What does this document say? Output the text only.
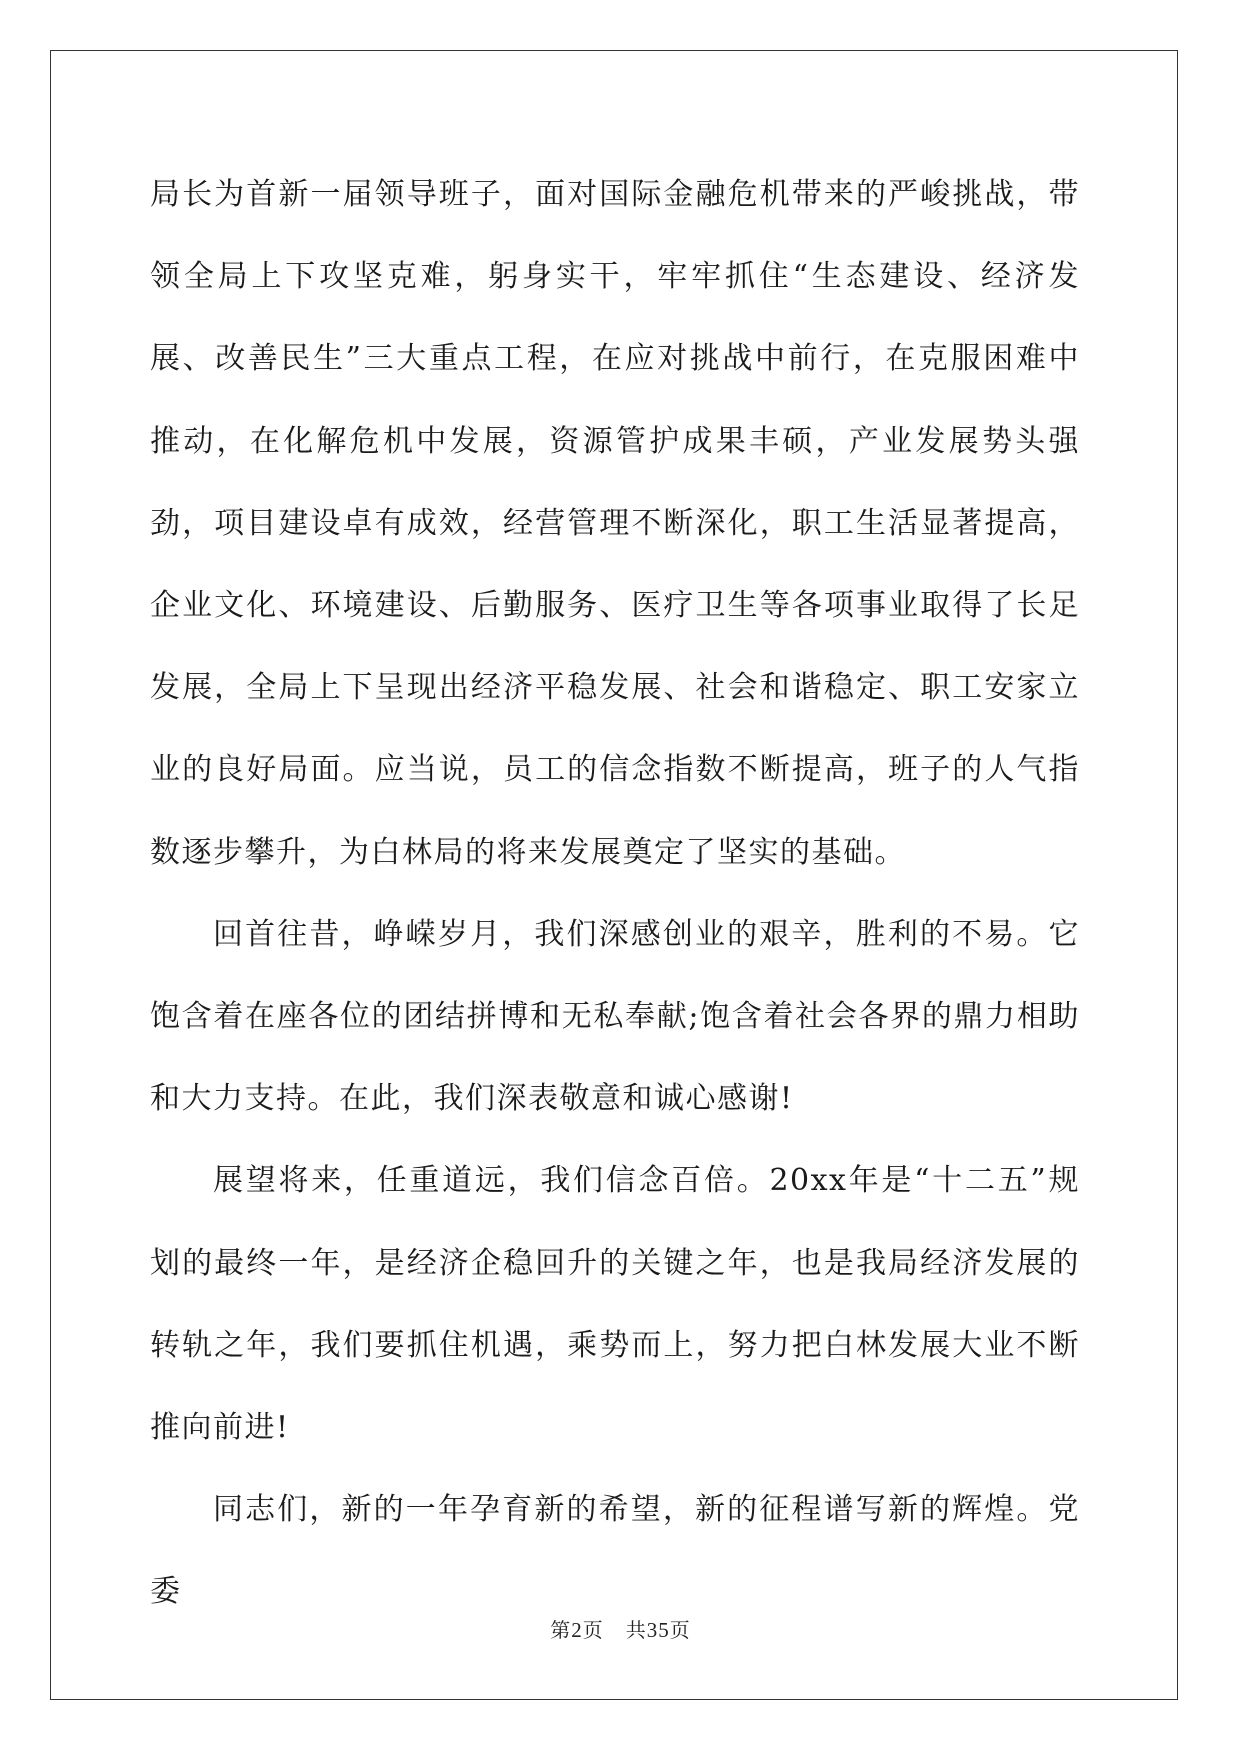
局长为首新一届领导班子，面对国际金融危机带来的严峻挑战，带领全局上下攻坚克难，躬身实干，牢牢抓住“生态建设、经济发展、改善民生”三大重点工程，在应对挑战中前行，在克服困难中推动，在化解危机中发展，资源管护成果丰硕，产业发展势头强劲，项目建设卓有成效，经营管理不断深化，职工生活显著提高，企业文化、环境建设、后勤服务、医疗卫生等各项事业取得了长足发展，全局上下呈现出经济平稳发展、社会和谐稳定、职工安家立业的良好局面。应当说，员工的信念指数不断提高，班子的人气指数逐步攀升，为白林局的将来发展奠定了坚实的基础。

回首往昔，峥嵘岁月，我们深感创业的艰辛，胜利的不易。它饱含着在座各位的团结拼博和无私奉献;饱含着社会各界的鼎力相助和大力支持。在此，我们深表敬意和诚心感谢!

展望将来，任重道远，我们信念百倍。20xx年是“十二五”规划的最终一年，是经济企稳回升的关键之年，也是我局经济发展的转轨之年，我们要抓住机遇，乘势而上，努力把白林发展大业不断推向前进!

同志们，新的一年孕育新的希望，新的征程谱写新的辉煌。党委

第2页 共35页
